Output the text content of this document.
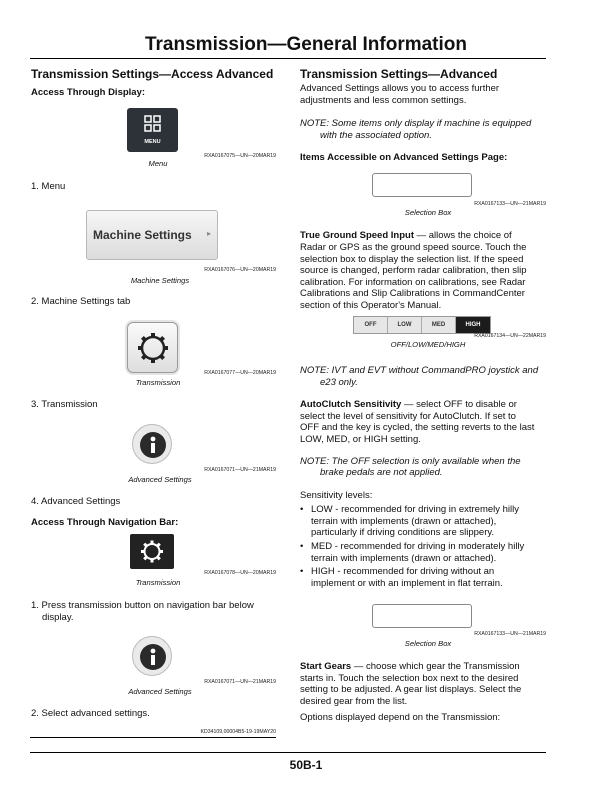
Transmission—General Information
Transmission Settings—Access Advanced
Access Through Display:
MENU
RXA0167075—UN—20MAR19
Menu
1. Menu
Machine Settings ▸
RXA0167076—UN—20MAR19
Machine Settings
2. Machine Settings tab
RXA0167077—UN—20MAR19
Transmission
3. Transmission
RXA0167071—UN—21MAR19
Advanced Settings
4. Advanced Settings
Access Through Navigation Bar:
RXA0167078—UN—20MAR19
Transmission
1. Press transmission button on navigation bar below
display.
RXA0167071—UN—21MAR19
Advanced Settings
2. Select advanced settings.
KD34109,00004B5-19-19MAY20
Transmission Settings—Advanced
Advanced Settings allows you to access further
adjustments and less common settings.
NOTE: Some items only display if machine is equipped
with the associated option.
Items Accessible on Advanced Settings Page:
RXA0167133—UN—21MAR19
Selection Box
True Ground Speed Input — allows the choice of
Radar or GPS as the ground speed source. Touch the
selection box to display the selection list. If the speed
source is changed, perform radar calibration, then slip
calibration. For information on calibrations, see Radar
Calibrations and Slip Calibrations in CommandCenter
section of this Operator's Manual.
OFF	LOW	MED	HIGH
RXA0167134—UN—22MAR19
OFF/LOW/MED/HIGH
NOTE: IVT and EVT without CommandPRO joystick and
e23 only.
AutoClutch Sensitivity — select OFF to disable or
select the level of sensitivity for AutoClutch. If set to
OFF and the key is cycled, the setting reverts to the last
LOW, MED, or HIGH setting.
NOTE: The OFF selection is only available when the
brake pedals are not applied.
Sensitivity levels:
• LOW - recommended for driving in extremely hilly
terrain with implements (drawn or attached),
particularly if driving conditions are slippery.
• MED - recommended for driving in moderately hilly
terrain with implements (drawn or attached).
• HIGH - recommended for driving without an
implement or with an implement in flat terrain.
RXA0167133—UN—21MAR19
Selection Box
Start Gears — choose which gear the Transmission
starts in. Touch the selection box next to the desired
setting to be adjusted. A gear list displays. Select the
desired gear from the list.
Options displayed depend on the Transmission:
50B-1
